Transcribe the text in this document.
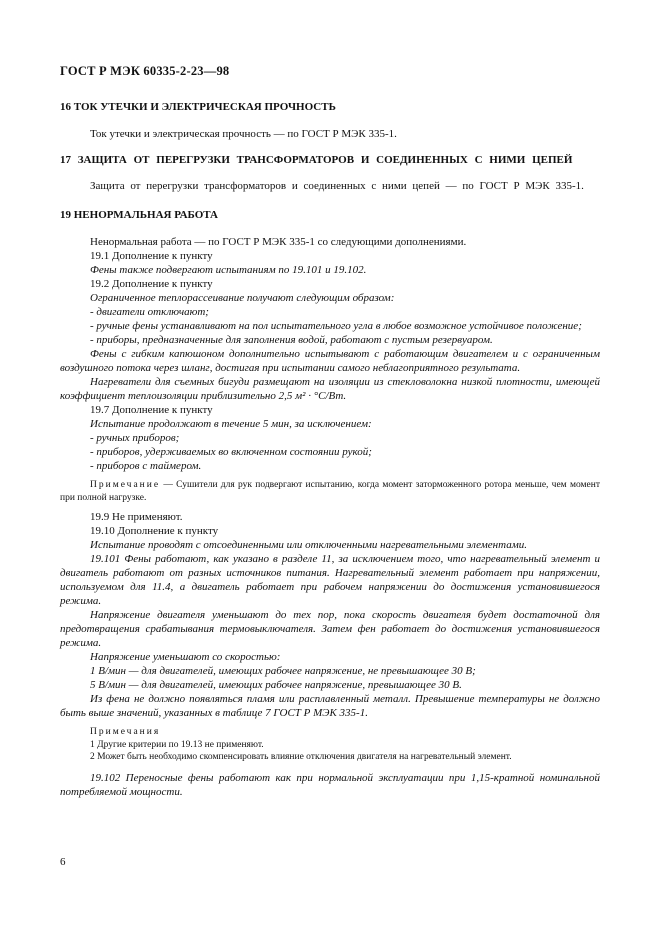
ГОСТ Р МЭК 60335-2-23—98

16 ТОК УТЕЧКИ И ЭЛЕКТРИЧЕСКАЯ ПРОЧНОСТЬ

Ток утечки и электрическая прочность — по ГОСТ Р МЭК 335-1.

17 ЗАЩИТА ОТ ПЕРЕГРУЗКИ ТРАНСФОРМАТОРОВ И СОЕДИНЕННЫХ С НИМИ ЦЕПЕЙ

Защита от перегрузки трансформаторов и соединенных с ними цепей — по ГОСТ Р МЭК 335-1.

19 НЕНОРМАЛЬНАЯ РАБОТА

Ненормальная работа — по ГОСТ Р МЭК 335-1 со следующими дополнениями.

19.1 Дополнение к пункту

Фены также подвергают испытаниям по 19.101 и 19.102.

19.2 Дополнение к пункту

Ограниченное теплорассеивание получают следующим образом:

- двигатели отключают;

- ручные фены устанавливают на пол испытательного угла в любое возможное устойчивое положение;

- приборы, предназначенные для заполнения водой, работают с пустым резервуаром.

Фены с гибким капюшоном дополнительно испытывают с работающим двигателем и с ограниченным воздушного потока через шланг, достигая при испытании самого неблагоприятного результата.

Нагреватели для съемных бигуди размещают на изоляции из стекловолокна низкой плотности, имеющей коэффициент теплоизоляции приблизительно 2,5 м² · °С/Вт.

19.7 Дополнение к пункту

Испытание продолжают в течение 5 мин, за исключением:

- ручных приборов;

- приборов, удерживаемых во включенном состоянии рукой;

- приборов с таймером.

Примечание — Сушители для рук подвергают испытанию, когда момент заторможенного ротора меньше, чем момент при полной нагрузке.

19.9 Не применяют.

19.10 Дополнение к пункту

Испытание проводят с отсоединенными или отключенными нагревательными элементами.

19.101 Фены работают, как указано в разделе 11, за исключением того, что нагревательный элемент и двигатель работают от разных источников питания. Нагревательный элемент работает при напряжении, используемом для 11.4, а двигатель работает при рабочем напряжении до достижения установившегося режима.

Напряжение двигателя уменьшают до тех пор, пока скорость двигателя будет достаточной для предотвращения срабатывания термовыключателя. Затем фен работает до достижения установившегося режима.

Напряжение уменьшают со скоростью:

1 В/мин — для двигателей, имеющих рабочее напряжение, не превышающее 30 В;

5 В/мин — для двигателей, имеющих рабочее напряжение, превышающее 30 В.

Из фена не должно появляться пламя или расплавленный металл. Превышение температуры не должно быть выше значений, указанных в таблице 7 ГОСТ Р МЭК 335-1.

Примечания

1 Другие критерии по 19.13 не применяют.

2 Может быть необходимо скомпенсировать влияние отключения двигателя на нагревательный элемент.

19.102 Переносные фены работают как при нормальной эксплуатации при 1,15-кратной номинальной потребляемой мощности.

6
